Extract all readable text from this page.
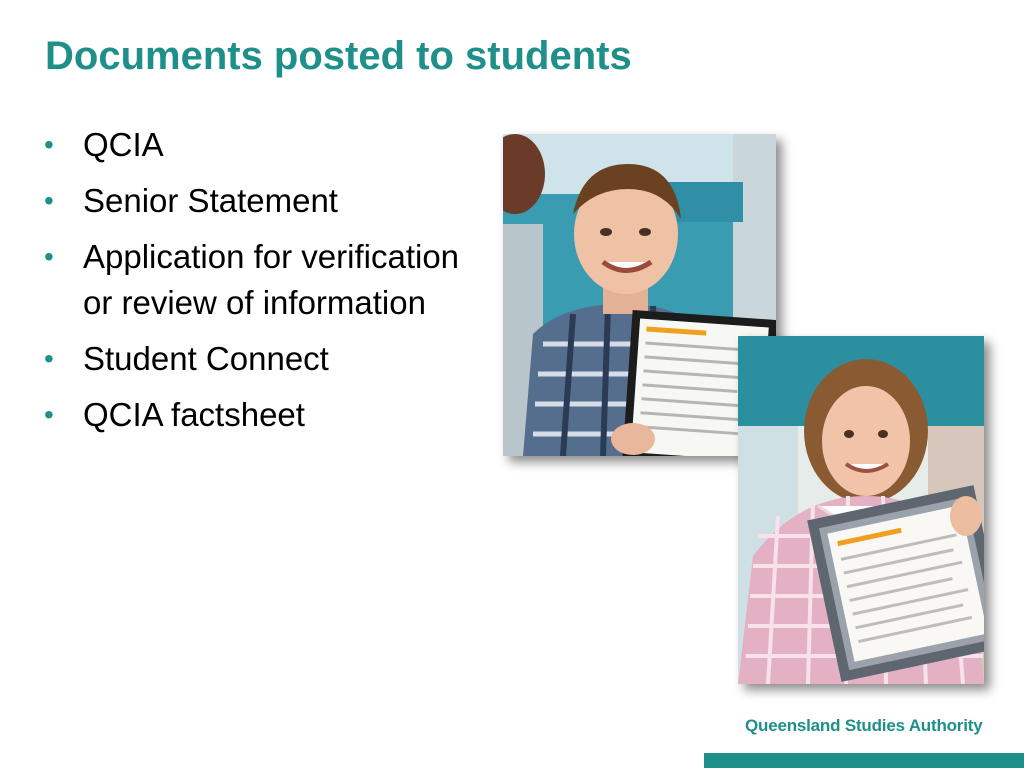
Documents posted to students
• QCIA
• Senior Statement
• Application for verification or review of information
• Student Connect
• QCIA factsheet
Queensland Studies Authority
